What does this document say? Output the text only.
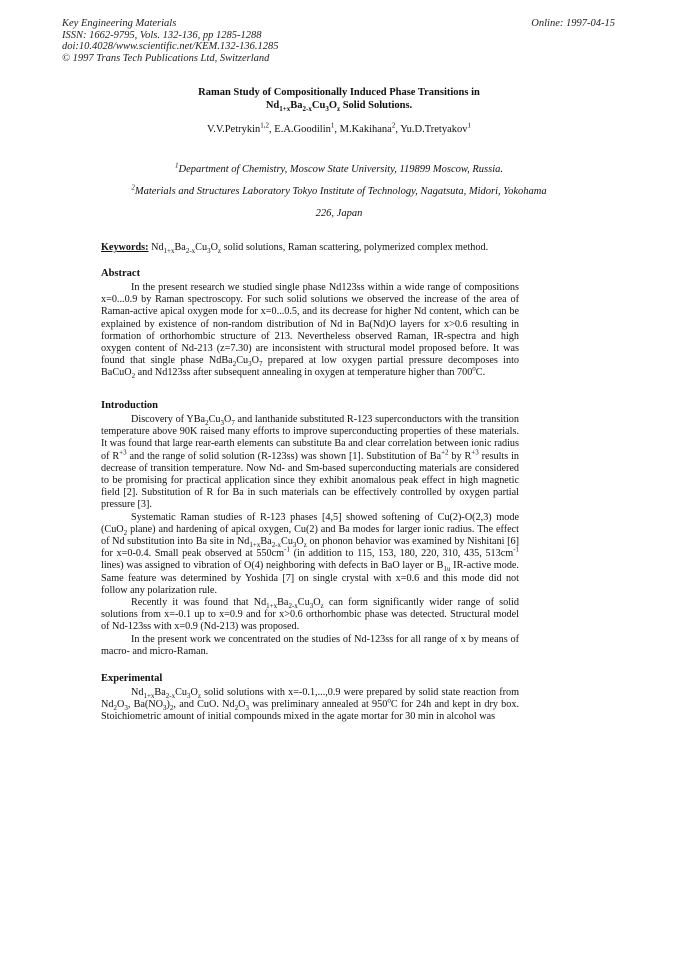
Key Engineering Materials
ISSN: 1662-9795, Vols. 132-136, pp 1285-1288
doi:10.4028/www.scientific.net/KEM.132-136.1285
© 1997 Trans Tech Publications Ltd, Switzerland
Online: 1997-04-15
Raman Study of Compositionally Induced Phase Transitions in
$Nd_{1+x}Ba_{2-x}Cu_3O_z$ Solid Solutions.
V.V.Petrykin$^{1,2}$, E.A.Goodilin$^1$, M.Kakihana$^2$, Yu.D.Tretyakov$^1$
$^1$Department of Chemistry, Moscow State University, 119899 Moscow, Russia.
$^2$Materials and Structures Laboratory Tokyo Institute of Technology, Nagatsuta, Midori, Yokohama
226, Japan
Keywords: $Nd_{1+x}Ba_{2-x}Cu_3O_z$ solid solutions, Raman scattering, polymerized complex method.
Abstract

In the present research we studied single phase Nd123ss within a wide range of compositions x=0...0.9 by Raman spectroscopy. For such solid solutions we observed the increase of the area of Raman-active apical oxygen mode for x=0...0.5, and its decrease for higher Nd content, which can be explained by existence of non-random distribution of Nd in Ba(Nd)O layers for x>0.6 resulting in formation of orthorhombic structure of 213. Nevertheless observed Raman, IR-spectra and high oxygen content of Nd-213 (z=7.30) are inconsistent with structural model proposed before. It was found that single phase $NdBa_2Cu_3O_7$ prepared at low oxygen partial pressure decomposes into BaCuO$_2$ and Nd123ss after subsequent annealing in oxygen at temperature higher than 700$^o$C.

Introduction

Discovery of $YBa_2Cu_3O_7$ and lanthanide substituted R-123 superconductors with the transition temperature above 90K raised many efforts to improve superconducting properties of these materials. It was found that large rear-earth elements can substitute Ba and clear correlation between ionic radius of $R^{+3}$ and the range of solid solution (R-123ss) was shown [1]. Substitution of $Ba^{+2}$ by $R^{+3}$ results in decrease of transition temperature. Now Nd- and Sm-based superconducting materials are considered to be promising for practical application since they exhibit anomalous peak effect in high magnetic field [2]. Substitution of R for Ba in such materials can be effectively controlled by oxygen partial pressure [3].

Systematic Raman studies of R-123 phases [4,5] showed softening of Cu(2)-O(2,3) mode (CuO$_2$ plane) and hardening of apical oxygen, Cu(2) and Ba modes for larger ionic radius. The effect of Nd substitution into Ba site in $Nd_{1+x}Ba_{2-x}Cu_3O_z$ on phonon behavior was examined by Nishitani [6] for x=0-0.4. Small peak observed at $550cm^{-1}$ (in addition to 115, 153, 180, 220, 310, 435, $513cm^{-1}$ lines) was assigned to vibration of O(4) neighboring with defects in BaO layer or $B_{1u}$ IR-active mode. Same feature was determined by Yoshida [7] on single crystal with x=0.6 and this mode did not follow any polarization rule.

Recently it was found that $Nd_{1+x}Ba_{2-x}Cu_3O_z$ can form significantly wider range of solid solutions from x=-0.1 up to x=0.9 and for x>0.6 orthorhombic phase was detected. Structural model of Nd-123ss with x=0.9 (Nd-213) was proposed.

In the present work we concentrated on the studies of Nd-123ss for all range of x by means of macro- and micro-Raman.

Experimental

$Nd_{1+x}Ba_{2-x}Cu_3O_z$ solid solutions with x=-0.1,...,0.9 were prepared by solid state reaction from $Nd_2O_3$, $Ba(NO_3)_2$, and CuO. $Nd_2O_3$ was preliminary annealed at 950$^o$C for 24h and kept in dry box. Stoichiometric amount of initial compounds mixed in the agate mortar for 30 min in alcohol was
